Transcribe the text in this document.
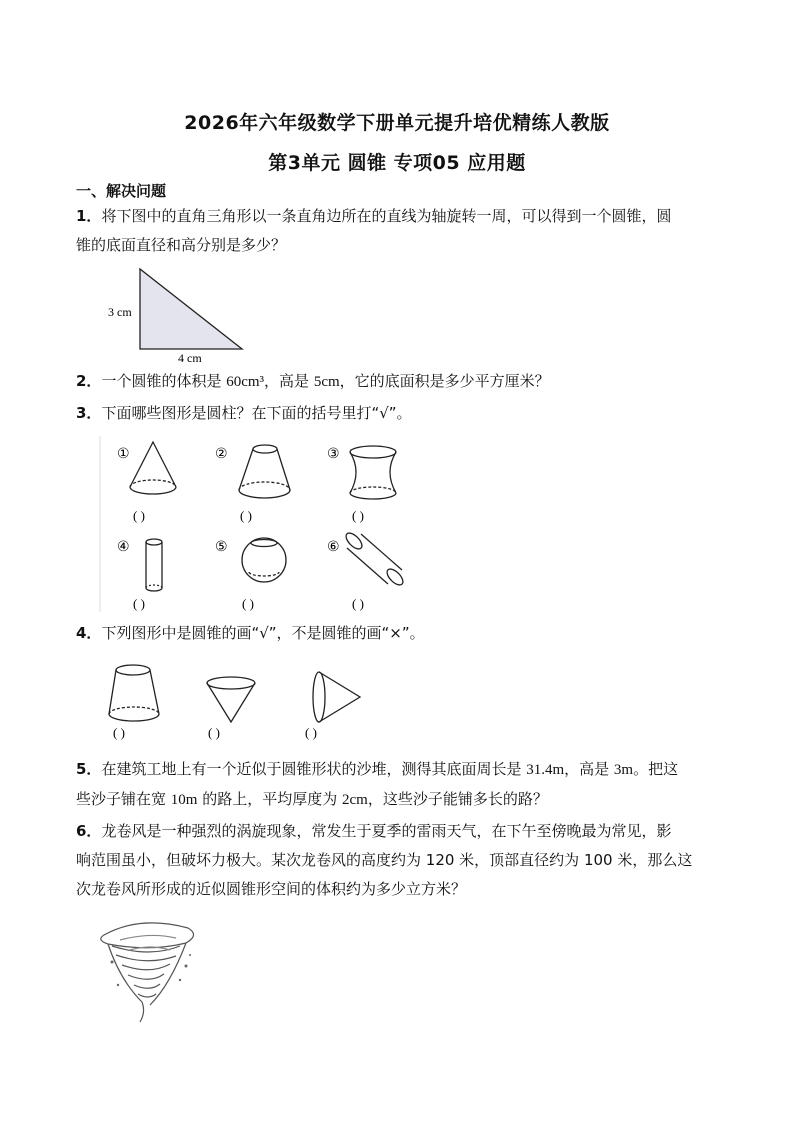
2026年六年级数学下册单元提升培优精练人教版
第3单元 圆锥 专项05 应用题
一、解决问题
1．将下图中的直角三角形以一条直角边所在的直线为轴旋转一周，可以得到一个圆锥，圆
锥的底面直径和高分别是多少？
3 cm
4 cm
2．一个圆锥的体积是 60cm³，高是 5cm，它的底面积是多少平方厘米？
3．下面哪些图形是圆柱？在下面的括号里打“√”。
①
( )
②
( )
③
( )
④
( )
⑤
( )
⑥
( )
4．下列图形中是圆锥的画“√”，不是圆锥的画“×”。
( )	( )	( )
5．在建筑工地上有一个近似于圆锥形状的沙堆，测得其底面周长是 31.4m，高是 3m。把这
些沙子铺在宽 10m 的路上，平均厚度为 2cm，这些沙子能铺多长的路？
6．龙卷风是一种强烈的涡旋现象，常发生于夏季的雷雨天气，在下午至傍晚最为常见，影
响范围虽小，但破坏力极大。某次龙卷风的高度约为 120 米，顶部直径约为 100 米，那么这
次龙卷风所形成的近似圆锥形空间的体积约为多少立方米？
